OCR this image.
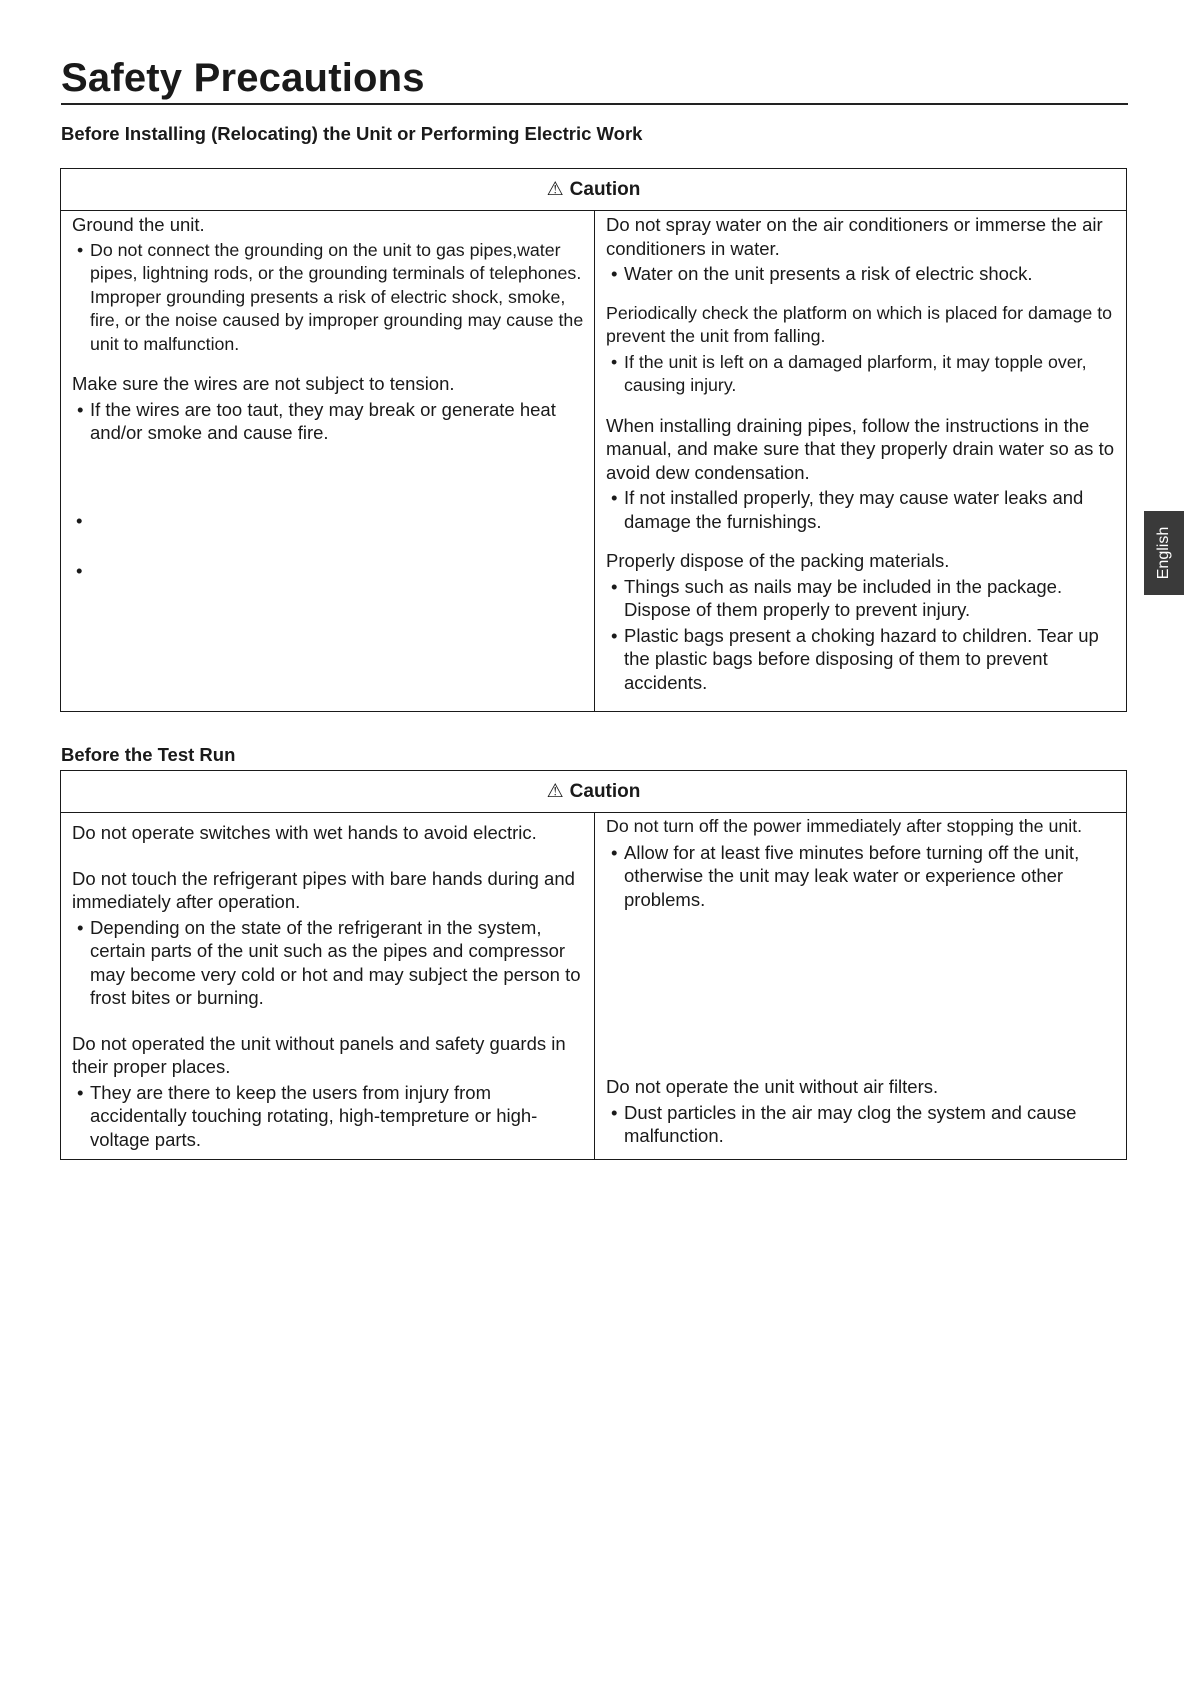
Safety Precautions
Before Installing (Relocating) the Unit or Performing Electric Work
⚠ Caution

Ground the unit.

• Do not connect the grounding on the unit to gas pipes,water pipes, lightning rods, or the grounding terminals of telephones. Improper grounding presents a risk of electric shock, smoke, fire, or the noise caused by improper grounding may cause the unit to malfunction.

Make sure the wires are not subject to tension.

• If the wires are too taut, they may break or generate heat and/or smoke and cause fire.

•
•

Do not spray water on the air conditioners or immerse the air conditioners in water.

• Water on the unit presents a risk of electric shock.

Periodically check the platform on which is placed for damage to prevent the unit from falling.

• If the unit is left on a damaged plarform, it may topple over, causing injury.

When installing draining pipes, follow the instructions in the manual, and make sure that they properly drain water so as to avoid dew condensation.

• If not installed properly, they may cause water leaks and damage the furnishings.

Properly dispose of the packing materials.

• Things such as nails may be included in the package. Dispose of them properly to prevent injury.

• Plastic bags present a choking hazard to children. Tear up the plastic bags before disposing of them to prevent accidents.

Before the Test Run
⚠ Caution

Do not operate switches with wet hands to avoid electric.

Do not touch the refrigerant pipes with bare hands during and immediately after operation.

• Depending on the state of the refrigerant in the system, certain parts of the unit such as the pipes and compressor may become very cold or hot and may subject the person to frost bites or burning.

Do not operated the unit without panels and safety guards in their proper places.

• They are there to keep the users from injury from accidentally touching rotating, high-tempreture or high-voltage parts.

Do not turn off the power immediately after stopping the unit.

• Allow for at least five minutes before turning off the unit, otherwise the unit may leak water or experience other problems.

Do not operate the unit without air filters.

• Dust particles in the air may clog the system and cause malfunction.

English
